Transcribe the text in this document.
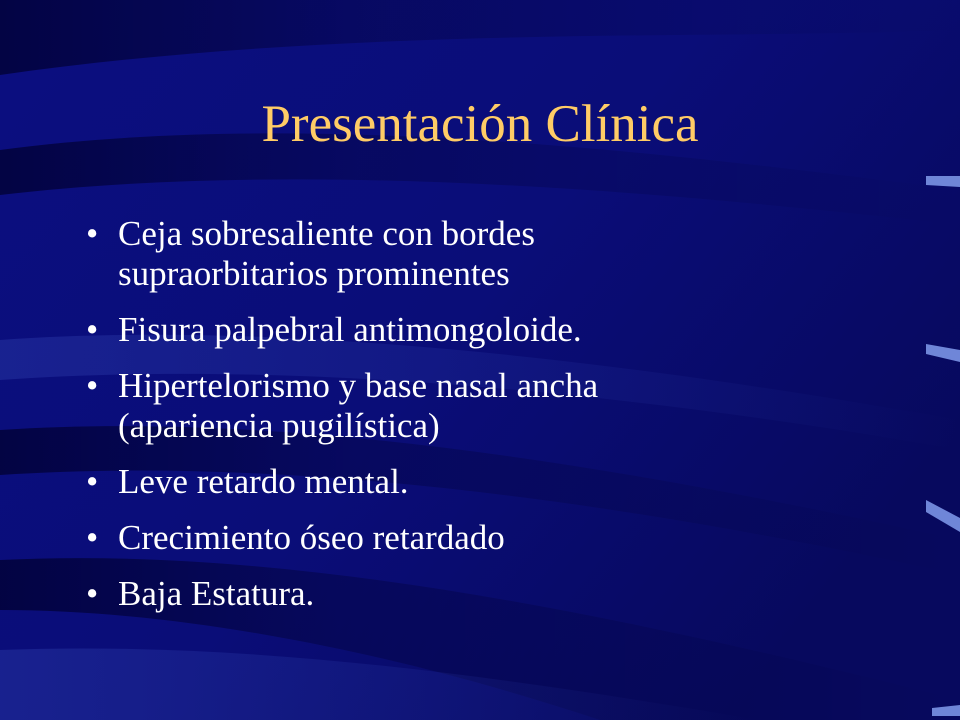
Presentación Clínica
• Ceja sobresaliente con bordes
supraorbitarios prominentes
• Fisura palpebral antimongoloide.
• Hipertelorismo y base nasal ancha
(apariencia pugilística)
• Leve retardo mental.
• Crecimiento óseo retardado
• Baja Estatura.
